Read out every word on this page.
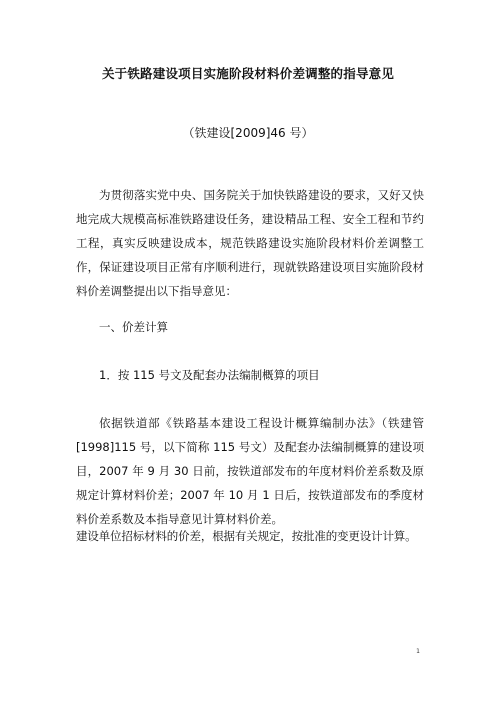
关于铁路建设项目实施阶段材料价差调整的指导意见
（铁建设[2009]46 号）
为贯彻落实党中央、国务院关于加快铁路建设的要求，又好又快地完成大规模高标准铁路建设任务，建设精品工程、安全工程和节约工程，真实反映建设成本，规范铁路建设实施阶段材料价差调整工作，保证建设项目正常有序顺利进行，现就铁路建设项目实施阶段材料价差调整提出以下指导意见：
一、价差计算
1．按 115 号文及配套办法编制概算的项目
依据铁道部《铁路基本建设工程设计概算编制办法》（铁建管[1998]115 号，以下简称 115 号文）及配套办法编制概算的建设项目，2007 年 9 月 30 日前，按铁道部发布的年度材料价差系数及原规定计算材料价差；2007 年 10 月 1 日后，按铁道部发布的季度材料价差系数及本指导意见计算材料价差。
建设单位招标材料的价差，根据有关规定，按批准的变更设计计算。
1
